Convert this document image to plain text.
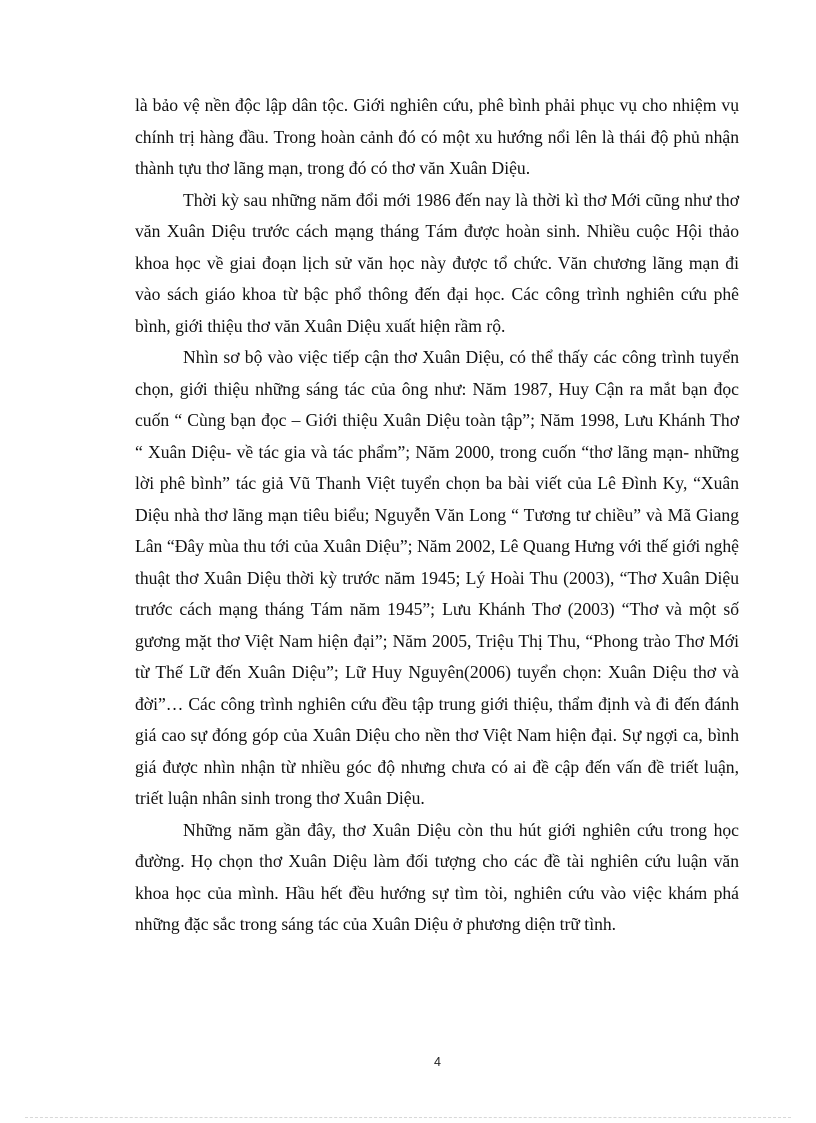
là bảo vệ nền độc lập dân tộc. Giới nghiên cứu, phê bình phải phục vụ cho nhiệm vụ chính trị hàng đầu. Trong hoàn cảnh đó có một xu hướng nổi lên là thái độ phủ nhận thành tựu thơ lãng mạn, trong đó có thơ văn Xuân Diệu.

Thời kỳ sau những năm đổi mới 1986 đến nay là thời kì thơ Mới cũng như thơ văn Xuân Diệu trước cách mạng tháng Tám được hoàn sinh. Nhiều cuộc Hội thảo khoa học về giai đoạn lịch sử văn học này được tổ chức. Văn chương lãng mạn đi vào sách giáo khoa từ bậc phổ thông đến đại học. Các công trình nghiên cứu phê bình, giới thiệu thơ văn Xuân Diệu xuất hiện rầm rộ.

Nhìn sơ bộ vào việc tiếp cận thơ Xuân Diệu, có thể thấy các công trình tuyển chọn, giới thiệu những sáng tác của ông như: Năm 1987, Huy Cận ra mắt bạn đọc cuốn “ Cùng bạn đọc – Giới thiệu Xuân Diệu toàn tập”; Năm 1998, Lưu Khánh Thơ “ Xuân Diệu- về tác gia và tác phẩm”; Năm 2000, trong cuốn “thơ lãng mạn- những lời phê bình” tác giả Vũ Thanh Việt tuyển chọn ba bài viết của Lê Đình Ky, “Xuân Diệu nhà thơ lãng mạn tiêu biểu; Nguyễn Văn Long “ Tương tư chiều” và Mã Giang Lân “Đây mùa thu tới của Xuân Diệu”; Năm 2002, Lê Quang Hưng với thế giới nghệ thuật thơ Xuân Diệu thời kỳ trước năm 1945; Lý Hoài Thu (2003), “Thơ Xuân Diệu trước cách mạng tháng Tám năm 1945”; Lưu Khánh Thơ (2003) “Thơ và một số gương mặt thơ Việt Nam hiện đại”; Năm 2005, Triệu Thị Thu, “Phong trào Thơ Mới từ Thế Lữ đến Xuân Diệu”; Lữ Huy Nguyên(2006) tuyển chọn: Xuân Diệu thơ và đời”… Các công trình nghiên cứu đều tập trung giới thiệu, thẩm định và đi đến đánh giá cao sự đóng góp của Xuân Diệu cho nền thơ Việt Nam hiện đại. Sự ngợi ca, bình giá được nhìn nhận từ nhiều góc độ nhưng chưa có ai đề cập đến vấn đề triết luận, triết luận nhân sinh trong thơ Xuân Diệu.

Những năm gần đây, thơ Xuân Diệu còn thu hút giới nghiên cứu trong học đường. Họ chọn thơ Xuân Diệu làm đối tượng cho các đề tài nghiên cứu luận văn khoa học của mình. Hầu hết đều hướng sự tìm tòi, nghiên cứu vào việc khám phá những đặc sắc trong sáng tác của Xuân Diệu ở phương diện trữ tình.

4
